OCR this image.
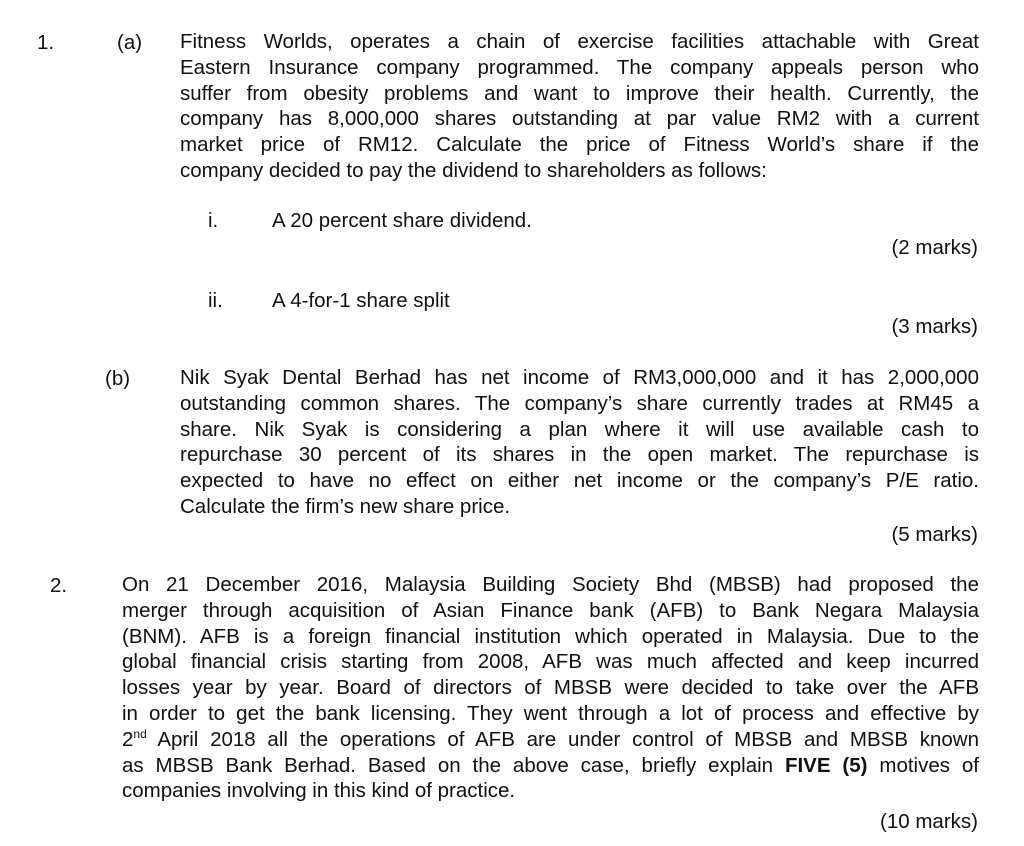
1.	(a) Fitness Worlds, operates a chain of exercise facilities attachable with Great
Eastern Insurance company programmed. The company appeals person who
suffer from obesity problems and want to improve their health. Currently, the
company has 8,000,000 shares outstanding at par value RM2 with a current
market price of RM12. Calculate the price of Fitness World’s share if the
company decided to pay the dividend to shareholders as follows:
i.	A 20 percent share dividend.
(2 marks)
ii. A 4-for-1 share split
(3 marks)
(b) Nik Syak Dental Berhad has net income of RM3,000,000 and it has 2,000,000
outstanding common shares. The company’s share currently trades at RM45 a
share. Nik Syak is considering a plan where it will use available cash to
repurchase 30 percent of its shares in the open market. The repurchase is
expected to have no effect on either net income or the company’s P/E ratio.
Calculate the firm’s new share price.
(5 marks)
2.	On 21 December 2016, Malaysia Building Society Bhd (MBSB) had proposed the
merger through acquisition of Asian Finance bank (AFB) to Bank Negara Malaysia
(BNM). AFB is a foreign financial institution which operated in Malaysia. Due to the
global financial crisis starting from 2008, AFB was much affected and keep incurred
losses year by year. Board of directors of MBSB were decided to take over the AFB
in order to get the bank licensing. They went through a lot of process and effective by
2nd April 2018 all the operations of AFB are under control of MBSB and MBSB known
as MBSB Bank Berhad. Based on the above case, briefly explain FIVE (5) motives of
companies involving in this kind of practice.
(10 marks)
